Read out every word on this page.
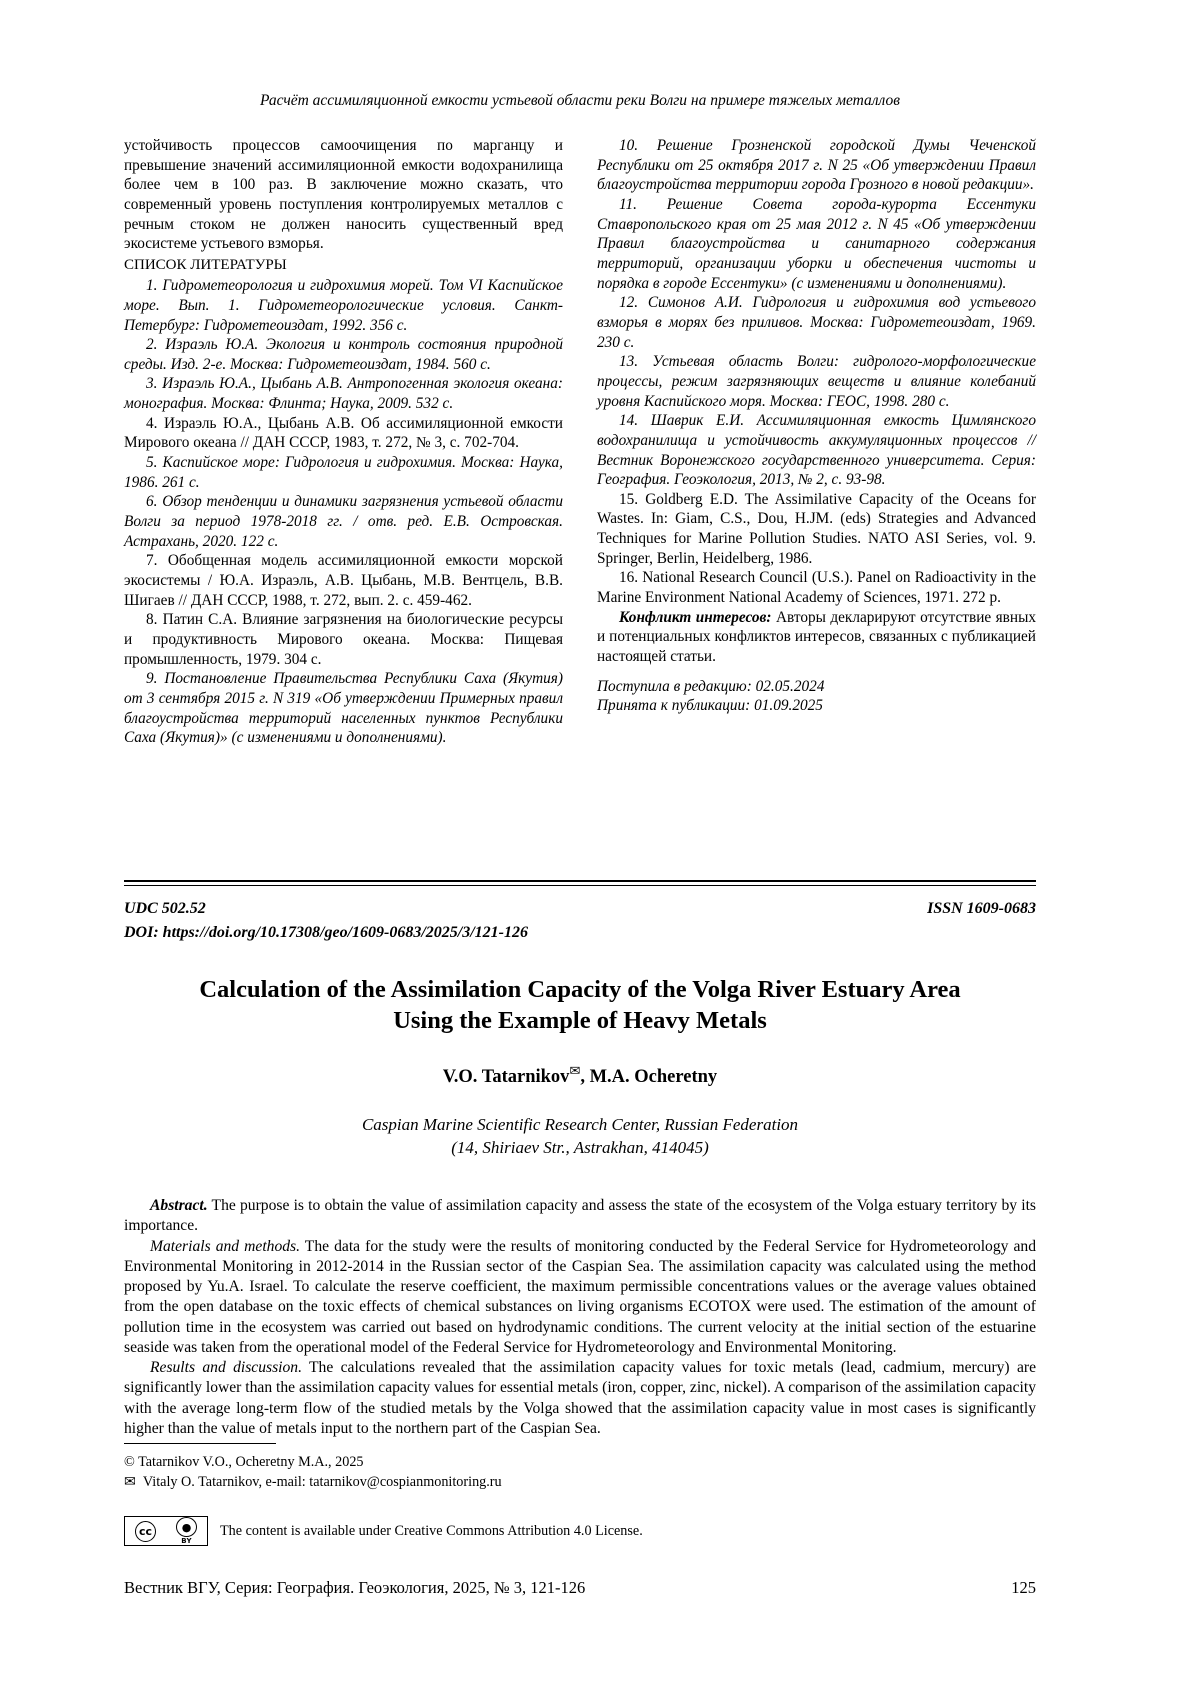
Расчёт ассимиляционной емкости устьевой области реки Волги на примере тяжелых металлов

устойчивость процессов самоочищения по марганцу и превышение значений ассимиляционной емкости водохранилища более чем в 100 раз. В заключение можно сказать, что современный уровень поступления контролируемых металлов с речным стоком не должен наносить существенный вред экосистеме устьевого взморья.

СПИСОК ЛИТЕРАТУРЫ

1. Гидрометеорология и гидрохимия морей. Том VI Каспийское море. Вып. 1. Гидрометеорологические условия. Санкт-Петербург: Гидрометеоиздат, 1992. 356 с.

2. Израэль Ю.А. Экология и контроль состояния природной среды. Изд. 2-е. Москва: Гидрометеоиздат, 1984. 560 с.

3. Израэль Ю.А., Цыбань А.В. Антропогенная экология океана: монография. Москва: Флинта; Наука, 2009. 532 с.

4. Израэль Ю.А., Цыбань А.В. Об ассимиляционной емкости Мирового океана // ДАН СССР, 1983, т. 272, № 3, с. 702-704.

5. Каспийское море: Гидрология и гидрохимия. Москва: Наука, 1986. 261 с.

6. Обзор тенденции и динамики загрязнения устьевой области Волги за период 1978-2018 гг. / отв. ред. Е.В. Островская. Астрахань, 2020. 122 с.

7. Обобщенная модель ассимиляционной емкости морской экосистемы / Ю.А. Израэль, А.В. Цыбань, М.В. Вентцель, В.В. Шигаев // ДАН СССР, 1988, т. 272, вып. 2. с. 459-462.

8. Патин С.А. Влияние загрязнения на биологические ресурсы и продуктивность Мирового океана. Москва: Пищевая промышленность, 1979. 304 с.

9. Постановление Правительства Республики Саха (Якутия) от 3 сентября 2015 г. N 319 «Об утверждении Примерных правил благоустройства территорий населенных пунктов Республики Саха (Якутия)» (с изменениями и дополнениями).

10. Решение Грозненской городской Думы Чеченской Республики от 25 октября 2017 г. N 25 «Об утверждении Правил благоустройства территории города Грозного в новой редакции».

11. Решение Совета города-курорта Ессентуки Ставропольского края от 25 мая 2012 г. N 45 «Об утверждении Правил благоустройства и санитарного содержания территорий, организации уборки и обеспечения чистоты и порядка в городе Ессентуки» (с изменениями и дополнениями).

12. Симонов А.И. Гидрология и гидрохимия вод устьевого взморья в морях без приливов. Москва: Гидрометеоиздат, 1969. 230 с.

13. Устьевая область Волги: гидролого-морфологические процессы, режим загрязняющих веществ и влияние колебаний уровня Каспийского моря. Москва: ГЕОС, 1998. 280 с.

14. Шаврик Е.И. Ассимиляционная емкость Цимлянского водохранилища и устойчивость аккумуляционных процессов // Вестник Воронежского государственного университета. Серия: География. Геоэкология, 2013, № 2, с. 93-98.

15. Goldberg E.D. The Assimilative Capacity of the Oceans for Wastes. In: Giam, C.S., Dou, H.JM. (eds) Strategies and Advanced Techniques for Marine Pollution Studies. NATO ASI Series, vol. 9. Springer, Berlin, Heidelberg, 1986.

16. National Research Council (U.S.). Panel on Radioactivity in the Marine Environment National Academy of Sciences, 1971. 272 p.

Конфликт интересов: Авторы декларируют отсутствие явных и потенциальных конфликтов интересов, связанных с публикацией настоящей статьи.

Поступила в редакцию: 02.05.2024

Принята к публикации: 01.09.2025

UDC 502.52	ISSN 1609-0683
DOI: https://doi.org/10.17308/geo/1609-0683/2025/3/121-126
Calculation of the Assimilation Capacity of the Volga River Estuary Area
Using the Example of Heavy Metals
V.O. Tatarnikov✉, M.A. Ocheretny
Caspian Marine Scientific Research Center, Russian Federation
(14, Shiriaev Str., Astrakhan, 414045)

Abstract. The purpose is to obtain the value of assimilation capacity and assess the state of the ecosystem of the Volga estuary territory by its importance.

Materials and methods. The data for the study were the results of monitoring conducted by the Federal Service for Hydrometeorology and Environmental Monitoring in 2012-2014 in the Russian sector of the Caspian Sea. The assimilation capacity was calculated using the method proposed by Yu.A. Israel. To calculate the reserve coefficient, the maximum permissible concentrations values or the average values obtained from the open database on the toxic effects of chemical substances on living organisms ECOTOX were used. The estimation of the amount of pollution time in the ecosystem was carried out based on hydrodynamic conditions. The current velocity at the initial section of the estuarine seaside was taken from the operational model of the Federal Service for Hydrometeorology and Environmental Monitoring.

Results and discussion. The calculations revealed that the assimilation capacity values for toxic metals (lead, cadmium, mercury) are significantly lower than the assimilation capacity values for essential metals (iron, copper, zinc, nickel). A comparison of the assimilation capacity with the average long-term flow of the studied metals by the Volga showed that the assimilation capacity value in most cases is significantly higher than the value of metals input to the northern part of the Caspian Sea.

© Tatarnikov V.O., Ocheretny M.A., 2025
✉ Vitaly O. Tatarnikov, e-mail: tatarnikov@cospianmonitoring.ru
cc	●
BY
The content is available under Creative Commons Attribution 4.0 License.
Вестник ВГУ, Серия: География. Геоэкология, 2025, № 3, 121-126	125
